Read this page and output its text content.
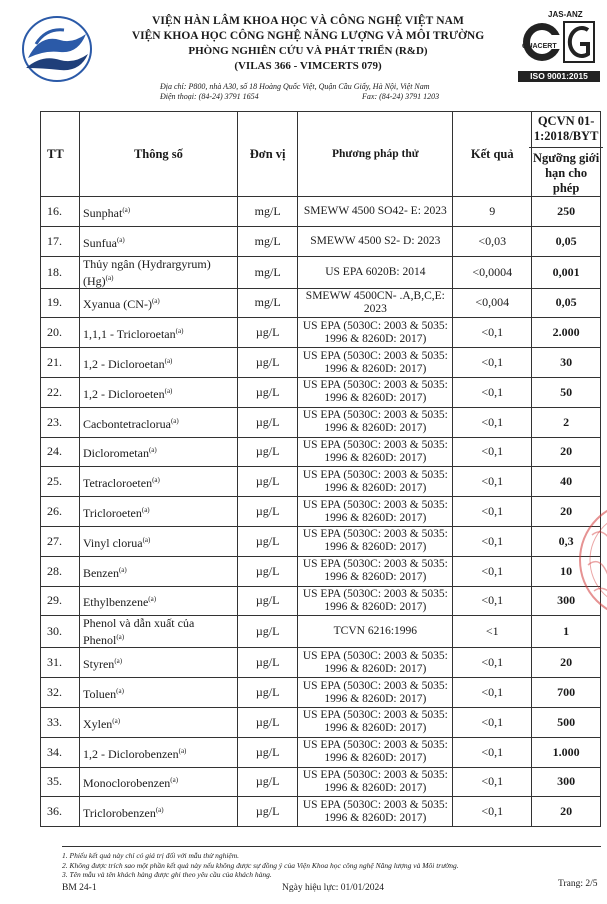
VIỆN HÀN LÂM KHOA HỌC VÀ CÔNG NGHỆ VIỆT NAM
VIỆN KHOA HỌC CÔNG NGHỆ NĂNG LƯỢNG VÀ MÔI TRƯỜNG
PHÒNG NGHIÊN CỨU VÀ PHÁT TRIỂN (R&D)
(VILAS 366 - VIMCERTS 079)
Địa chỉ: P800, nhà A30, số 18 Hoàng Quốc Việt, Quận Cầu Giấy, Hà Nội, Việt Nam
Điện thoại: (84-24) 3791 1654	Fax: (84-24) 3791 1203
JAS-ANZ
QUACERT
ISO 9001:2015
TT	Thông số	Đơn vị	Phương pháp thử	Kết quả	QCVN 01-1:2018/BYT
Ngưỡng giới hạn cho phép

16.	Sunphat$^{(a)}$	mg/L	SMEWW 4500 SO42- E: 2023	9	250
17.	Sunfua$^{(a)}$	mg/L	SMEWW 4500 S2- D: 2023	<0,03	0,05
18.	Thủy ngân (Hydrargyrum) $(Hg)^{(a)}$	mg/L	US EPA 6020B: 2014	<0,0004	0,001
19.	Xyanua $(CN-)^{(a)}$	mg/L	SMEWW 4500CN- .A,B,C,E: 2023	<0,004	0,05
20.	1,1,1 - Tricloroetan$^{(a)}$	µg/L	US EPA (5030C: 2003 & 5035: 1996 & 8260D: 2017)	<0,1	2.000
21.	1,2 - Dicloroetan$^{(a)}$	µg/L	US EPA (5030C: 2003 & 5035: 1996 & 8260D: 2017)	<0,1	30
22.	1,2 - Dicloroeten$^{(a)}$	µg/L	US EPA (5030C: 2003 & 5035: 1996 & 8260D: 2017)	<0,1	50
23.	Cacbontetraclorua$^{(a)}$	µg/L	US EPA (5030C: 2003 & 5035: 1996 & 8260D: 2017)	<0,1	2
24.	Diclorometan$^{(a)}$	µg/L	US EPA (5030C: 2003 & 5035: 1996 & 8260D: 2017)	<0,1	20
25.	Tetracloroeten$^{(a)}$	µg/L	US EPA (5030C: 2003 & 5035: 1996 & 8260D: 2017)	<0,1	40
26.	Tricloroeten$^{(a)}$	µg/L	US EPA (5030C: 2003 & 5035: 1996 & 8260D: 2017)	<0,1	20
27.	Vinyl clorua$^{(a)}$	µg/L	US EPA (5030C: 2003 & 5035: 1996 & 8260D: 2017)	<0,1	0,3
28.	Benzen$^{(a)}$	µg/L	US EPA (5030C: 2003 & 5035: 1996 & 8260D: 2017)	<0,1	10
29.	Ethylbenzene$^{(a)}$	µg/L	US EPA (5030C: 2003 & 5035: 1996 & 8260D: 2017)	<0,1	300
30.	Phenol và dẫn xuất của Phenol$^{(a)}$	µg/L	TCVN 6216:1996	<1	1
31.	Styren$^{(a)}$	µg/L	US EPA (5030C: 2003 & 5035: 1996 & 8260D: 2017)	<0,1	20
32.	Toluen$^{(a)}$	µg/L	US EPA (5030C: 2003 & 5035: 1996 & 8260D: 2017)	<0,1	700
33.	Xylen$^{(a)}$	µg/L	US EPA (5030C: 2003 & 5035: 1996 & 8260D: 2017)	<0,1	500
34.	1,2 - Diclorobenzen$^{(a)}$	µg/L	US EPA (5030C: 2003 & 5035: 1996 & 8260D: 2017)	<0,1	1.000
35.	Monoclorobenzen$^{(a)}$	µg/L	US EPA (5030C: 2003 & 5035: 1996 & 8260D: 2017)	<0,1	300
36.	Triclorobenzen$^{(a)}$	µg/L	US EPA (5030C: 2003 & 5035: 1996 & 8260D: 2017)	<0,1	20
1. Phiếu kết quả này chỉ có giá trị đối với mẫu thử nghiệm.
2. Không được trích sao một phần kết quả này nếu không được sự đồng ý của Viện Khoa học công nghệ Năng lượng và Môi trường.
3. Tên mẫu và tên khách hàng được ghi theo yêu cầu của khách hàng.
BM 24-1	Ngày hiệu lực: 01/01/2024	Trang: 2/5
